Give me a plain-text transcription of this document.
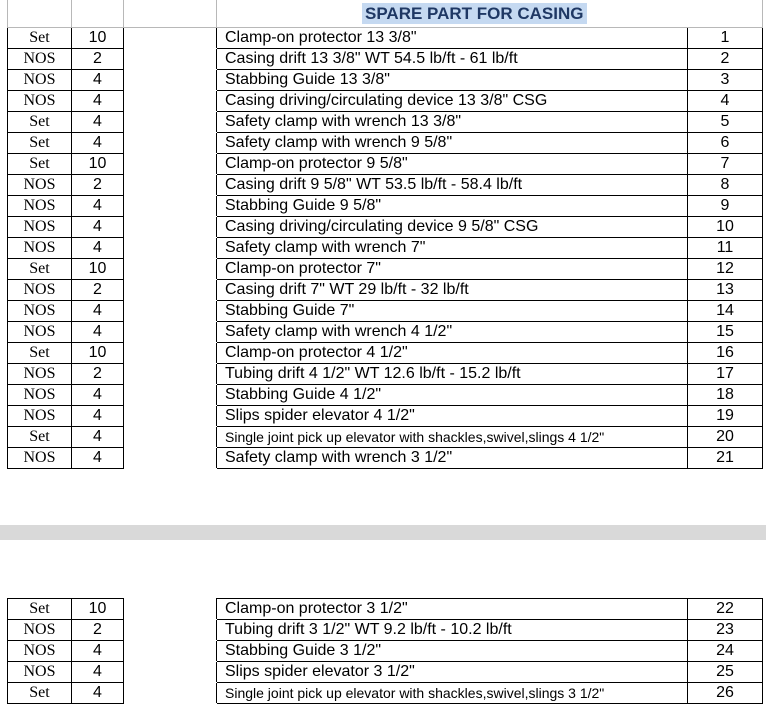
			SPARE PART FOR CASING	
Set	10		Clamp-on protector 13 3/8"	1
NOS	2		Casing drift 13 3/8" WT 54.5 lb/ft - 61 lb/ft	2
NOS	4		Stabbing Guide 13 3/8"	3
NOS	4		Casing driving/circulating device 13 3/8" CSG	4
Set	4		Safety clamp with wrench 13 3/8"	5
Set	4		Safety clamp with wrench 9 5/8"	6
Set	10		Clamp-on protector 9 5/8"	7
NOS	2		Casing drift 9 5/8" WT 53.5 lb/ft - 58.4 lb/ft	8
NOS	4		Stabbing Guide 9 5/8"	9
NOS	4		Casing driving/circulating device 9 5/8" CSG	10
NOS	4		Safety clamp with wrench 7"	11
Set	10		Clamp-on protector 7"	12
NOS	2		Casing drift 7" WT 29 lb/ft - 32 lb/ft	13
NOS	4		Stabbing Guide 7"	14
NOS	4		Safety clamp with wrench 4 1/2"	15
Set	10		Clamp-on protector 4 1/2"	16
NOS	2		Tubing drift 4 1/2" WT 12.6 lb/ft - 15.2 lb/ft	17
NOS	4		Stabbing Guide 4 1/2"	18
NOS	4		Slips spider elevator 4 1/2"	19
Set	4		Single joint pick up elevator with shackles,swivel,slings 4 1/2"	20
NOS	4		Safety clamp with wrench 3 1/2"	21
Set	10		Clamp-on protector 3 1/2"	22
NOS	2		Tubing drift 3 1/2" WT 9.2 lb/ft - 10.2 lb/ft	23
NOS	4		Stabbing Guide 3 1/2"	24
NOS	4		Slips spider elevator 3 1/2"	25
Set	4		Single joint pick up elevator with shackles,swivel,slings 3 1/2"	26
